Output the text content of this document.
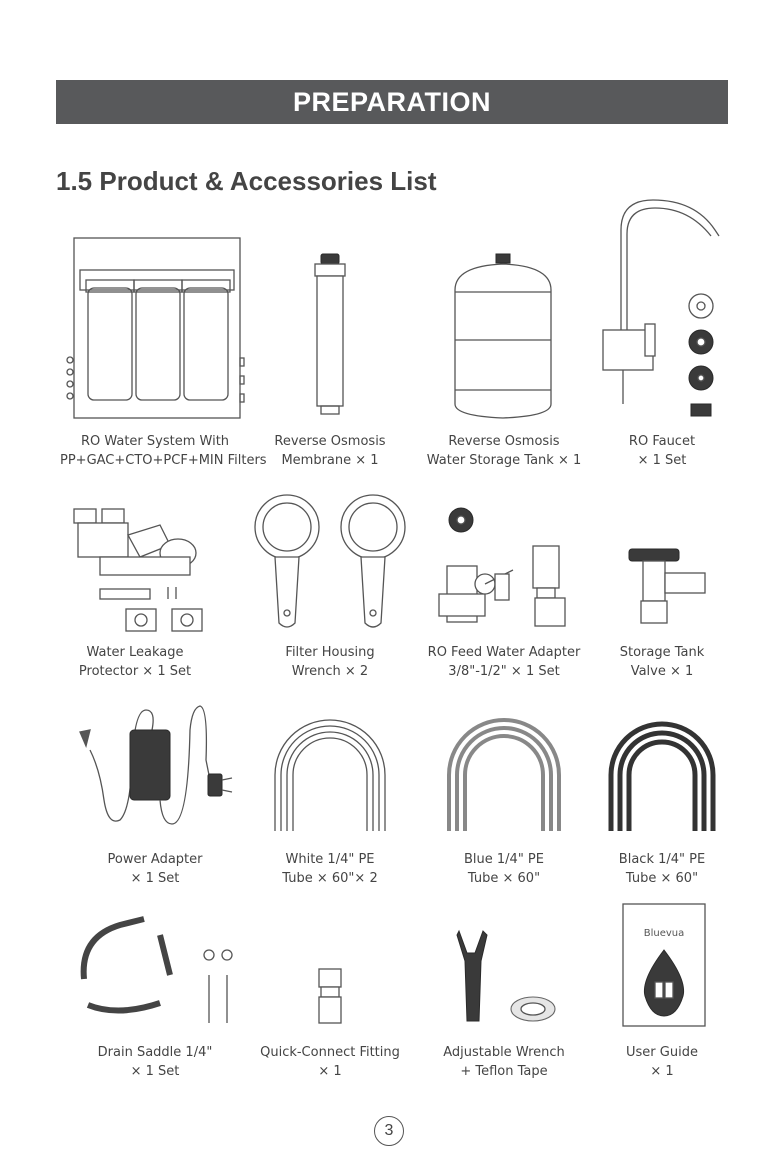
PREPARATION
1.5 Product & Accessories List
RO Water System With
PP+GAC+CTO+PCF+MIN Filters
Reverse Osmosis
Membrane × 1
Reverse Osmosis
Water Storage Tank × 1
RO Faucet
× 1 Set
Water Leakage
Protector × 1 Set
Filter Housing
Wrench × 2
RO Feed Water Adapter
3/8"-1/2" × 1 Set
Storage Tank
Valve × 1
Power Adapter
× 1 Set
White 1/4" PE
Tube × 60"× 2
Blue 1/4" PE
Tube × 60"
Black 1/4" PE
Tube × 60"
Drain Saddle 1/4"
× 1 Set
Quick-Connect Fitting
× 1
Adjustable Wrench
+ Teflon Tape
Bluevua
User Guide
× 1
3
